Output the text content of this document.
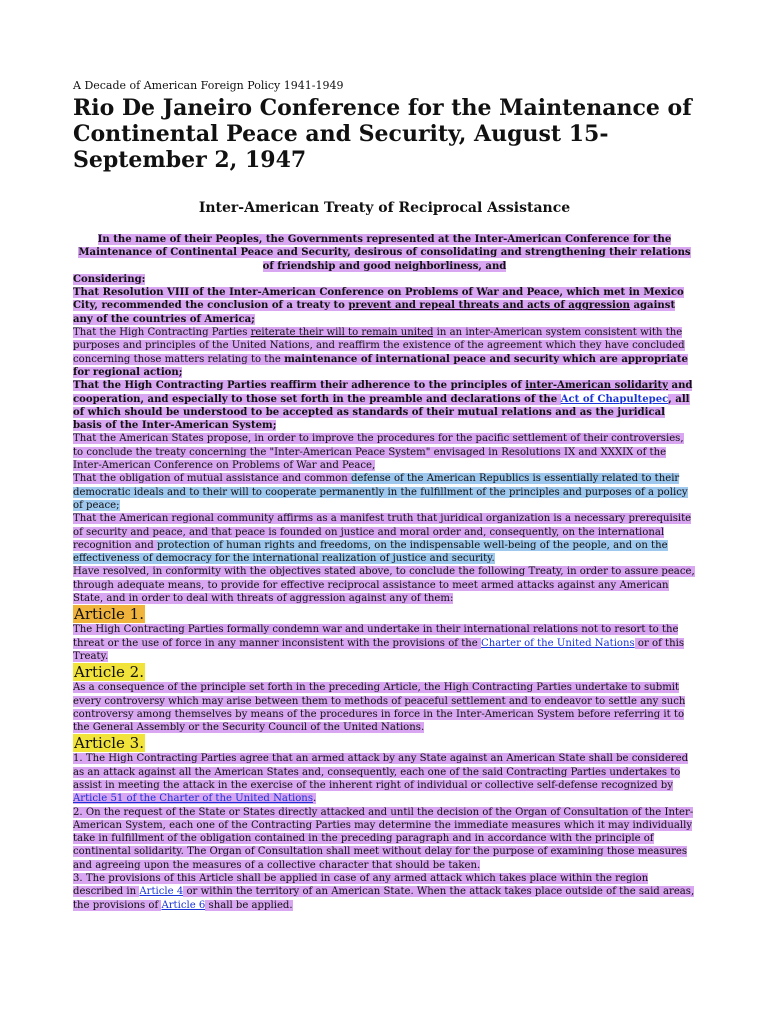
A Decade of American Foreign Policy 1941-1949

Rio De Janeiro Conference for the Maintenance of Continental Peace and Security, August 15-September 2, 1947
Inter-American Treaty of Reciprocal Assistance

In the name of their Peoples, the Governments represented at the Inter-American Conference for the Maintenance of Continental Peace and Security, desirous of consolidating and strengthening their relations of friendship and good neighborliness, and

Considering:

That Resolution VIII of the Inter-American Conference on Problems of War and Peace, which met in Mexico City, recommended the conclusion of a treaty to prevent and repeal threats and acts of aggression against any of the countries of America;

That the High Contracting Parties reiterate their will to remain united in an inter-American system consistent with the purposes and principles of the United Nations, and reaffirm the existence of the agreement which they have concluded concerning those matters relating to the maintenance of international peace and security which are appropriate for regional action;

That the High Contracting Parties reaffirm their adherence to the principles of inter-American solidarity and cooperation, and especially to those set forth in the preamble and declarations of the Act of Chapultepec, all of which should be understood to be accepted as standards of their mutual relations and as the juridical basis of the Inter-American System;

That the American States propose, in order to improve the procedures for the pacific settlement of their controversies, to conclude the treaty concerning the "Inter-American Peace System" envisaged in Resolutions IX and XXXIX of the Inter-American Conference on Problems of War and Peace,

That the obligation of mutual assistance and common defense of the American Republics is essentially related to their democratic ideals and to their will to cooperate permanently in the fulfillment of the principles and purposes of a policy of peace;

That the American regional community affirms as a manifest truth that juridical organization is a necessary prerequisite of security and peace, and that peace is founded on justice and moral order and, consequently, on the international recognition and protection of human rights and freedoms, on the indispensable well-being of the people, and on the effectiveness of democracy for the international realization of justice and security.

Have resolved, in conformity with the objectives stated above, to conclude the following Treaty, in order to assure peace, through adequate means, to provide for effective reciprocal assistance to meet armed attacks against any American State, and in order to deal with threats of aggression against any of them:

Article 1.

The High Contracting Parties formally condemn war and undertake in their international relations not to resort to the threat or the use of force in any manner inconsistent with the provisions of the Charter of the United Nations or of this Treaty.

Article 2.

As a consequence of the principle set forth in the preceding Article, the High Contracting Parties undertake to submit every controversy which may arise between them to methods of peaceful settlement and to endeavor to settle any such controversy among themselves by means of the procedures in force in the Inter-American System before referring it to the General Assembly or the Security Council of the United Nations.

Article 3.

1. The High Contracting Parties agree that an armed attack by any State against an American State shall be considered as an attack against all the American States and, consequently, each one of the said Contracting Parties undertakes to assist in meeting the attack in the exercise of the inherent right of individual or collective self-defense recognized by Article 51 of the Charter of the United Nations.

2. On the request of the State or States directly attacked and until the decision of the Organ of Consultation of the Inter-American System, each one of the Contracting Parties may determine the immediate measures which it may individually take in fulfillment of the obligation contained in the preceding paragraph and in accordance with the principle of continental solidarity. The Organ of Consultation shall meet without delay for the purpose of examining those measures and agreeing upon the measures of a collective character that should be taken.

3. The provisions of this Article shall be applied in case of any armed attack which takes place within the region described in Article 4 or within the territory of an American State. When the attack takes place outside of the said areas, the provisions of Article 6 shall be applied.
